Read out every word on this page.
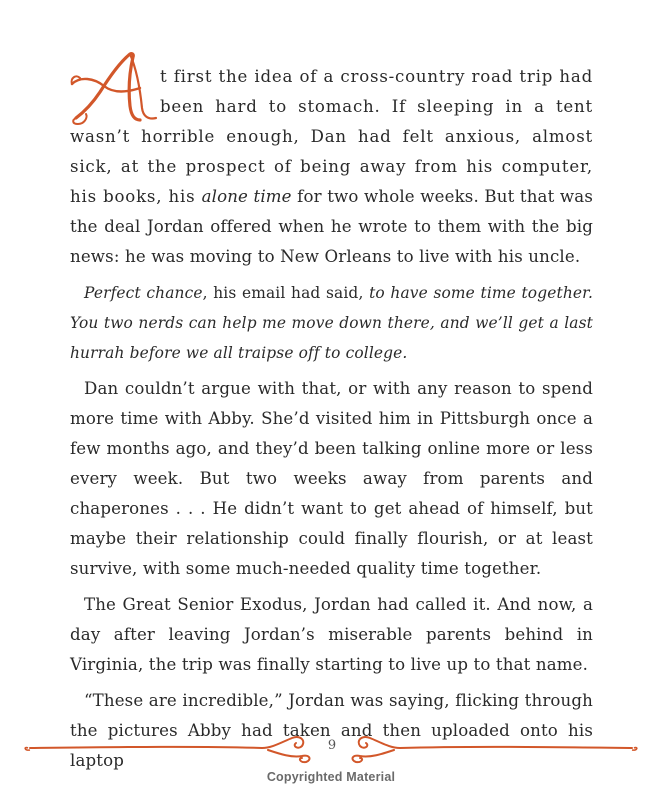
t first the idea of a cross-country road trip had been hard to stomach. If sleeping in a tent wasn’t horrible enough, Dan had felt anxious, almost sick, at the prospect of being away from his computer, his books, his alone time for two whole weeks. But that was the deal Jordan offered when he wrote to them with the big news: he was moving to New Orleans to live with his uncle.

Perfect chance, his email had said, to have some time together. You two nerds can help me move down there, and we’ll get a last hurrah before we all traipse off to college.

Dan couldn’t argue with that, or with any reason to spend more time with Abby. She’d visited him in Pittsburgh once a few months ago, and they’d been talking online more or less every week. But two weeks away from parents and chaperones . . . He didn’t want to get ahead of himself, but maybe their relationship could finally flourish, or at least survive, with some much-needed quality time together.

The Great Senior Exodus, Jordan had called it. And now, a day after leaving Jordan’s miserable parents behind in Virginia, the trip was finally starting to live up to that name.

“These are incredible,” Jordan was saying, flicking through the pictures Abby had taken and then uploaded onto his laptop

9
Copyrighted Material
